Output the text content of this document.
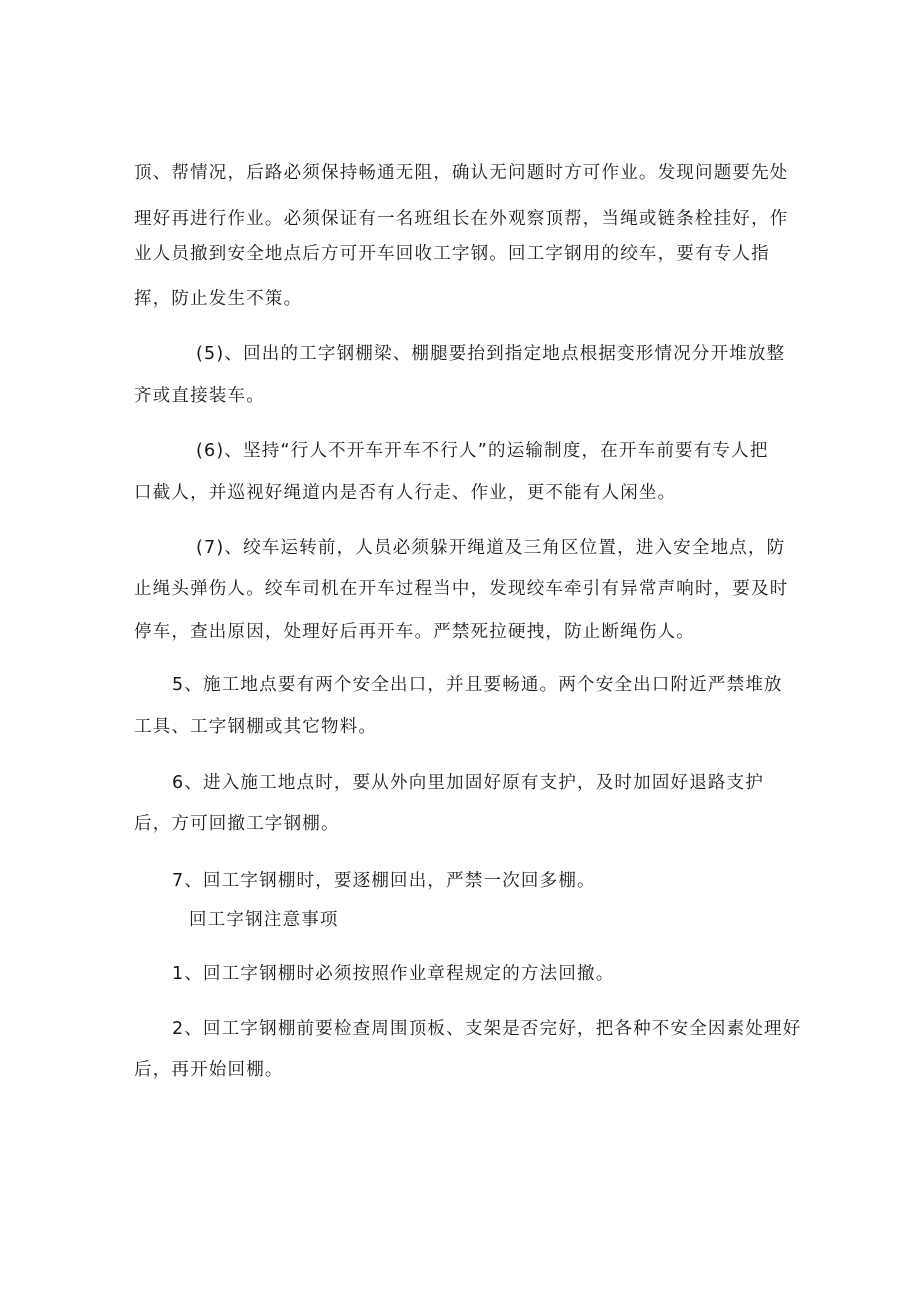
顶、帮情况，后路必须保持畅通无阻，确认无问题时方可作业。发现问题要先处
理好再进行作业。必须保证有一名班组长在外观察顶帮，当绳或链条栓挂好，作
业人员撤到安全地点后方可开车回收工字钢。回工字钢用的绞车，要有专人指
挥，防止发生不策。
(5)、回出的工字钢棚梁、棚腿要抬到指定地点根据变形情况分开堆放整
齐或直接装车。
(6)、坚持“行人不开车开车不行人”的运输制度，在开车前要有专人把
口截人，并巡视好绳道内是否有人行走、作业，更不能有人闲坐。
(7)、绞车运转前，人员必须躲开绳道及三角区位置，进入安全地点，防
止绳头弹伤人。绞车司机在开车过程当中，发现绞车牵引有异常声响时，要及时
停车，查出原因，处理好后再开车。严禁死拉硬拽，防止断绳伤人。
5、施工地点要有两个安全出口，并且要畅通。两个安全出口附近严禁堆放
工具、工字钢棚或其它物料。
6、进入施工地点时，要从外向里加固好原有支护，及时加固好退路支护
后，方可回撤工字钢棚。
7、回工字钢棚时，要逐棚回出，严禁一次回多棚。
回工字钢注意事项
1、回工字钢棚时必须按照作业章程规定的方法回撤。
2、回工字钢棚前要检查周围顶板、支架是否完好，把各种不安全因素处理好
后，再开始回棚。
